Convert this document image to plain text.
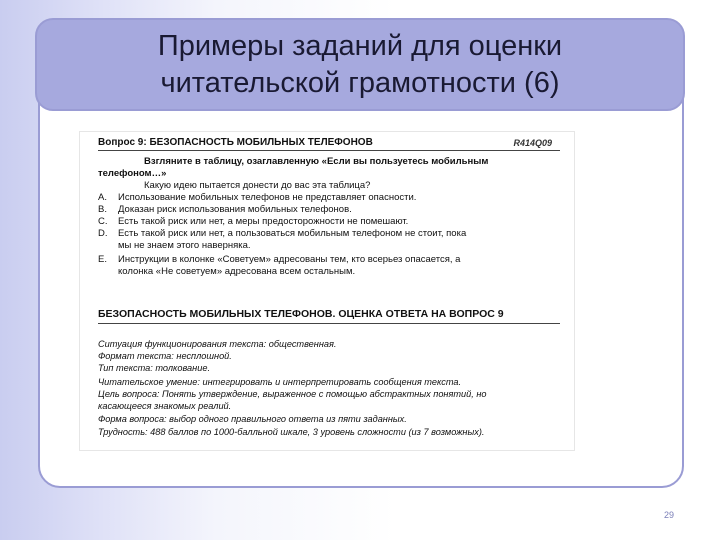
Примеры заданий для оценки
читательской грамотности (6)
Вопрос 9: БЕЗОПАСНОСТЬ МОБИЛЬНЫХ ТЕЛЕФОНОВ	R414Q09
Взгляните в таблицу, озаглавленную «Если вы пользуетесь мобильным
телефоном…»
Какую идею пытается донести до вас эта таблица?
A. Использование мобильных телефонов не представляет опасности.
B. Доказан риск использования мобильных телефонов.
C. Есть такой риск или нет, а меры предосторожности не помешают.
D. Есть такой риск или нет, а пользоваться мобильным телефоном не стоит, пока
мы не знаем этого наверняка.
E. Инструкции в колонке «Советуем» адресованы тем, кто всерьез опасается, а
колонка «Не советуем» адресована всем остальным.
БЕЗОПАСНОСТЬ МОБИЛЬНЫХ ТЕЛЕФОНОВ. ОЦЕНКА ОТВЕТА НА ВОПРОС 9
Ситуация функционирования текста: общественная.
Формат текста: несплошной.
Тип текста: толкование.
Читательское умение: интегрировать и интерпретировать сообщения текста.
Цель вопроса: Понять утверждение, выраженное с помощью абстрактных понятий, но
касающееся знакомых реалий.
Форма вопроса: выбор одного правильного ответа из пяти заданных.
Трудность: 488 баллов по 1000-балльной шкале, 3 уровень сложности (из 7 возможных).
29
